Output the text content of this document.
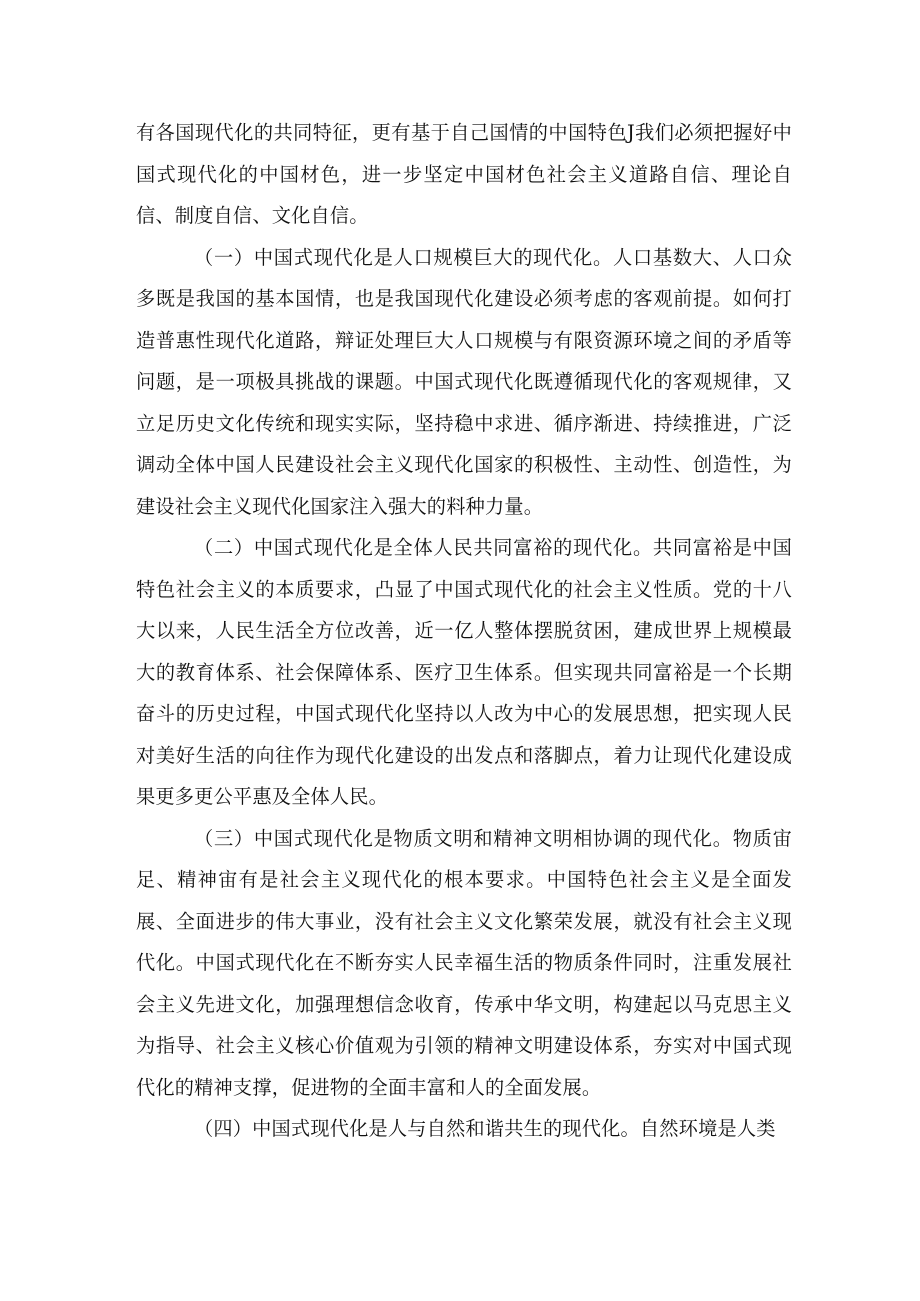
有各国现代化的共同特征，更有基于自己国情的中国特色J我们必须把握好中国式现代化的中国材色，进一步坚定中国材色社会主义道路自信、理论自信、制度自信、文化自信。

（一）中国式现代化是人口规模巨大的现代化。人口基数大、人口众多既是我国的基本国情，也是我国现代化建设必须考虑的客观前提。如何打造普惠性现代化道路，辩证处理巨大人口规模与有限资源环境之间的矛盾等问题，是一项极具挑战的课题。中国式现代化既遵循现代化的客观规律，又立足历史文化传统和现实实际，坚持稳中求进、循序渐进、持续推进，广泛调动全体中国人民建设社会主义现代化国家的积极性、主动性、创造性，为建设社会主义现代化国家注入强大的料种力量。

（二）中国式现代化是全体人民共同富裕的现代化。共同富裕是中国特色社会主义的本质要求，凸显了中国式现代化的社会主义性质。党的十八大以来，人民生活全方位改善，近一亿人整体摆脱贫困，建成世界上规模最大的教育体系、社会保障体系、医疗卫生体系。但实现共同富裕是一个长期奋斗的历史过程，中国式现代化坚持以人改为中心的发展思想，把实现人民对美好生活的向往作为现代化建设的出发点和落脚点，着力让现代化建设成果更多更公平惠及全体人民。

（三）中国式现代化是物质文明和精神文明相协调的现代化。物质宙足、精神宙有是社会主义现代化的根本要求。中国特色社会主义是全面发展、全面进步的伟大事业，没有社会主义文化繁荣发展，就没有社会主义现代化。中国式现代化在不断夯实人民幸福生活的物质条件同时，注重发展社会主义先进文化，加强理想信念收育，传承中华文明，构建起以马克思主义为指导、社会主义核心价值观为引领的精神文明建设体系，夯实对中国式现代化的精神支撑，促进物的全面丰富和人的全面发展。

（四）中国式现代化是人与自然和谐共生的现代化。自然环境是人类
